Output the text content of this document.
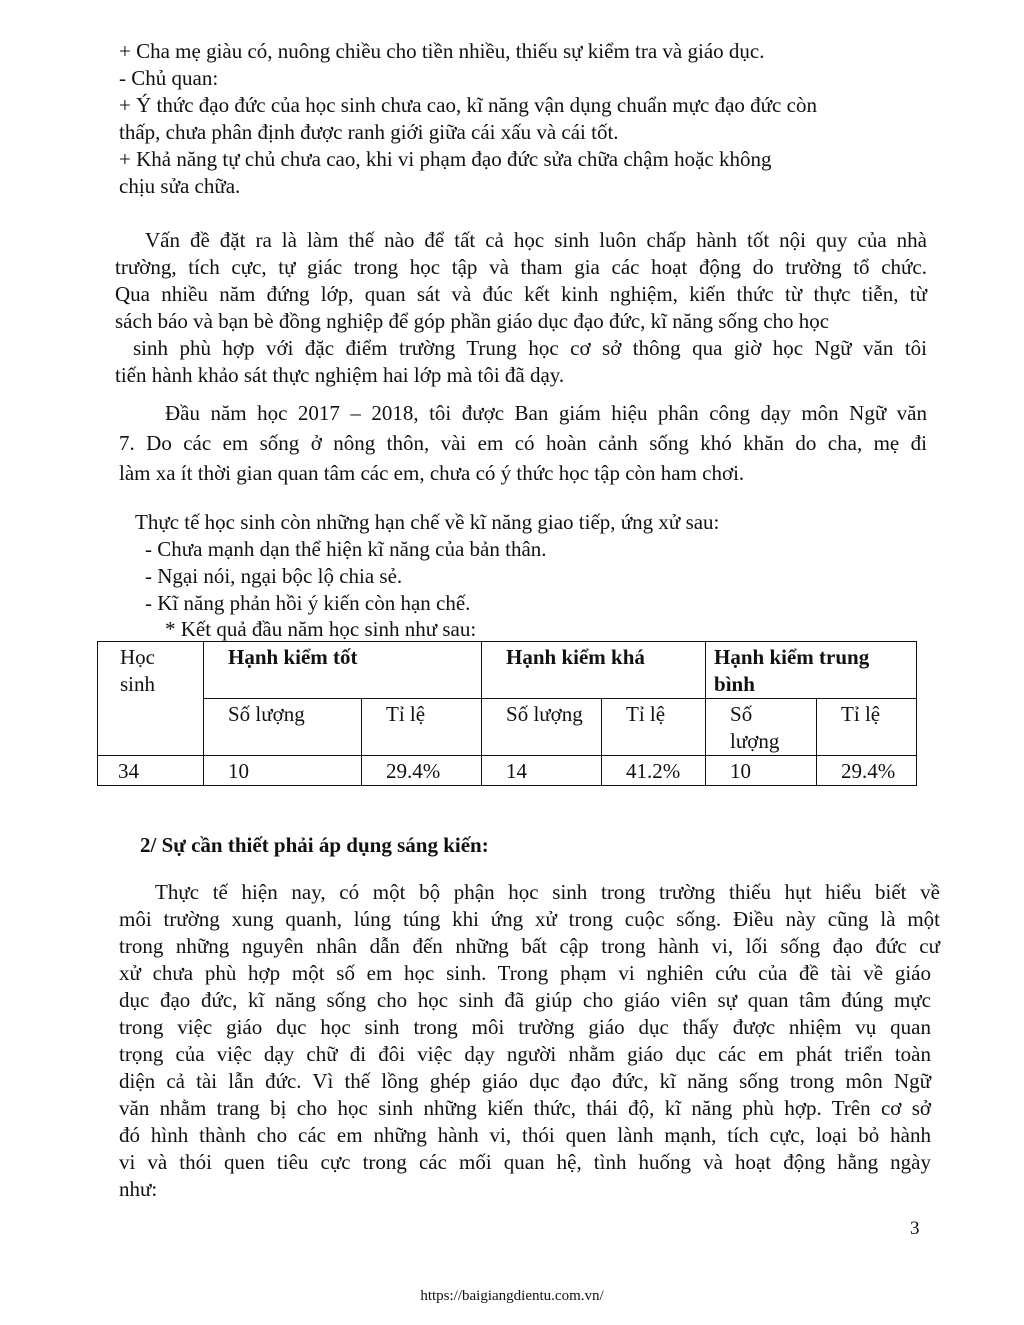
+ Cha mẹ giàu có, nuông chiều cho tiền nhiều, thiếu sự kiểm tra và giáo dục.
- Chủ quan:
+ Ý thức đạo đức của học sinh chưa cao, kĩ năng vận dụng chuẩn mực đạo đức còn
thấp, chưa phân định được ranh giới giữa cái xấu và cái tốt.
+ Khả năng tự chủ chưa cao, khi vi phạm đạo đức sửa chữa chậm hoặc không
chịu sửa chữa.
Vấn đề đặt ra là làm thế nào để tất cả học sinh luôn chấp hành tốt nội quy của nhà
trường, tích cực, tự giác trong học tập và tham gia các hoạt động do trường tổ chức.
Qua nhiều năm đứng lớp, quan sát và đúc kết kinh nghiệm, kiến thức từ thực tiễn, từ
sách báo và bạn bè đồng nghiệp để góp phần giáo dục đạo đức, kĩ năng sống cho học
sinh phù hợp với đặc điểm trường Trung học cơ sở thông qua giờ học Ngữ văn tôi
tiến hành khảo sát thực nghiệm hai lớp mà tôi đã dạy.
Đầu năm học 2017 – 2018, tôi được Ban giám hiệu phân công dạy môn Ngữ văn
7. Do các em sống ở nông thôn, vài em có hoàn cảnh sống khó khăn do cha, mẹ đi
làm xa ít thời gian quan tâm các em, chưa có ý thức học tập còn ham chơi.
Thực tế học sinh còn những hạn chế về kĩ năng giao tiếp, ứng xử sau:
- Chưa mạnh dạn thể hiện kĩ năng của bản thân.
- Ngại nói, ngại bộc lộ chia sẻ.
- Kĩ năng phản hồi ý kiến còn hạn chế.
* Kết quả đầu năm học sinh như sau:
Học sinh	Hạnh kiểm tốt		Hạnh kiểm khá		Hạnh kiểm trung bình	
	Số lượng	Tỉ lệ	Số lượng	Tỉ lệ	Số lượng	Tỉ lệ
34	10	29.4%	14	41.2%	10	29.4%
2/ Sự cần thiết phải áp dụng sáng kiến:
Thực tế hiện nay, có một bộ phận học sinh trong trường thiếu hụt hiểu biết về
môi trường xung quanh, lúng túng khi ứng xử trong cuộc sống. Điều này cũng là một
trong những nguyên nhân dẫn đến những bất cập trong hành vi, lối sống đạo đức cư
xử chưa phù hợp một số em học sinh. Trong phạm vi nghiên cứu của đề tài về giáo
dục đạo đức, kĩ năng sống cho học sinh đã giúp cho giáo viên sự quan tâm đúng mực
trong việc giáo dục học sinh trong môi trường giáo dục thấy được nhiệm vụ quan
trọng của việc dạy chữ đi đôi việc dạy người nhằm giáo dục các em phát triển toàn
diện cả tài lẫn đức. Vì thế lồng ghép giáo dục đạo đức, kĩ năng sống trong môn Ngữ
văn nhằm trang bị cho học sinh những kiến thức, thái độ, kĩ năng phù hợp. Trên cơ sở
đó hình thành cho các em những hành vi, thói quen lành mạnh, tích cực, loại bỏ hành
vi và thói quen tiêu cực trong các mối quan hệ, tình huống và hoạt động hằng ngày
như:
3
https://baigiangdientu.com.vn/
